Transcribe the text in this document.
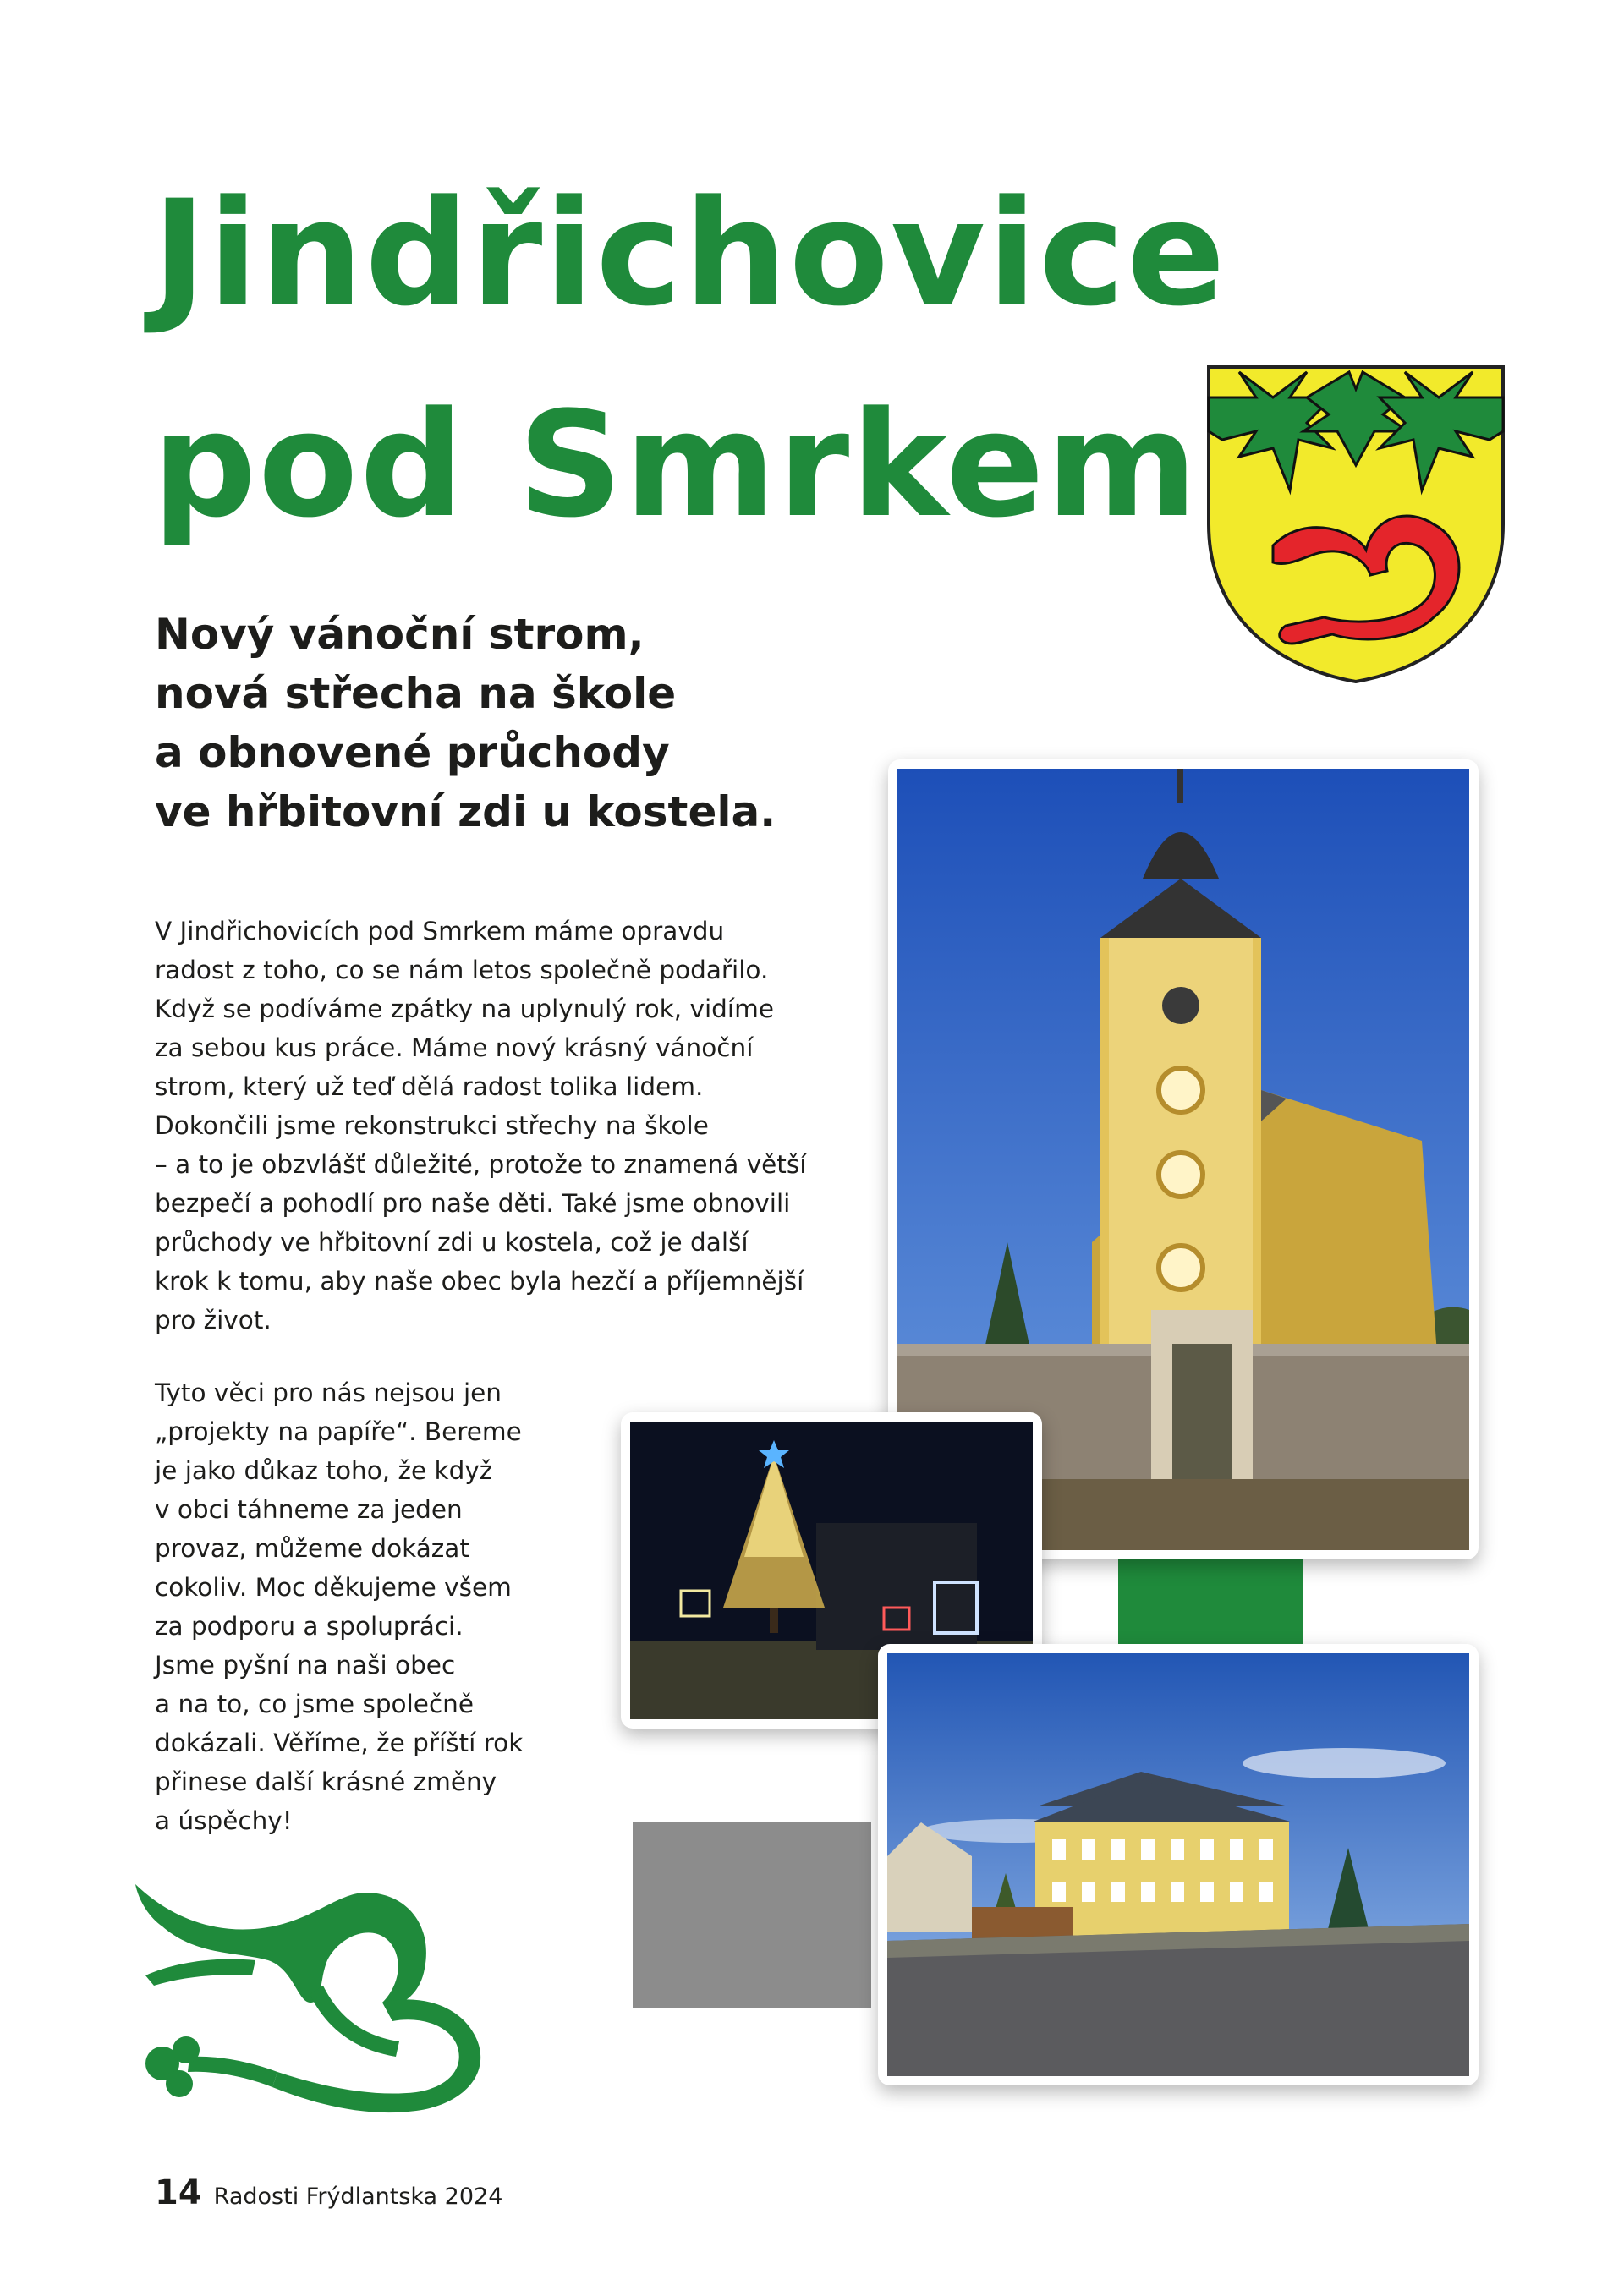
Jindřichovice
pod Smrkem
Nový vánoční strom,
nová střecha na škole
a obnovené průchody
ve hřbitovní zdi u kostela.

V Jindřichovicích pod Smrkem máme opravdu
radost z toho, co se nám letos společně podařilo.
Když se podíváme zpátky na uplynulý rok, vidíme
za sebou kus práce. Máme nový krásný vánoční
strom, který už teď dělá radost tolika lidem.
Dokončili jsme rekonstrukci střechy na škole
– a to je obzvlášť důležité, protože to znamená větší
bezpečí a pohodlí pro naše děti. Také jsme obnovili
průchody ve hřbitovní zdi u kostela, což je další
krok k tomu, aby naše obec byla hezčí a příjemnější
pro život.

Tyto věci pro nás nejsou jen
„projekty na papíře“. Bereme
je jako důkaz toho, že když
v obci táhneme za jeden
provaz, můžeme dokázat
cokoliv. Moc děkujeme všem
za podporu a spolupráci.
Jsme pyšní na naši obec
a na to, co jsme společně
dokázali. Věříme, že příští rok
přinese další krásné změny
a úspěchy!

14 Radosti Frýdlantska 2024
